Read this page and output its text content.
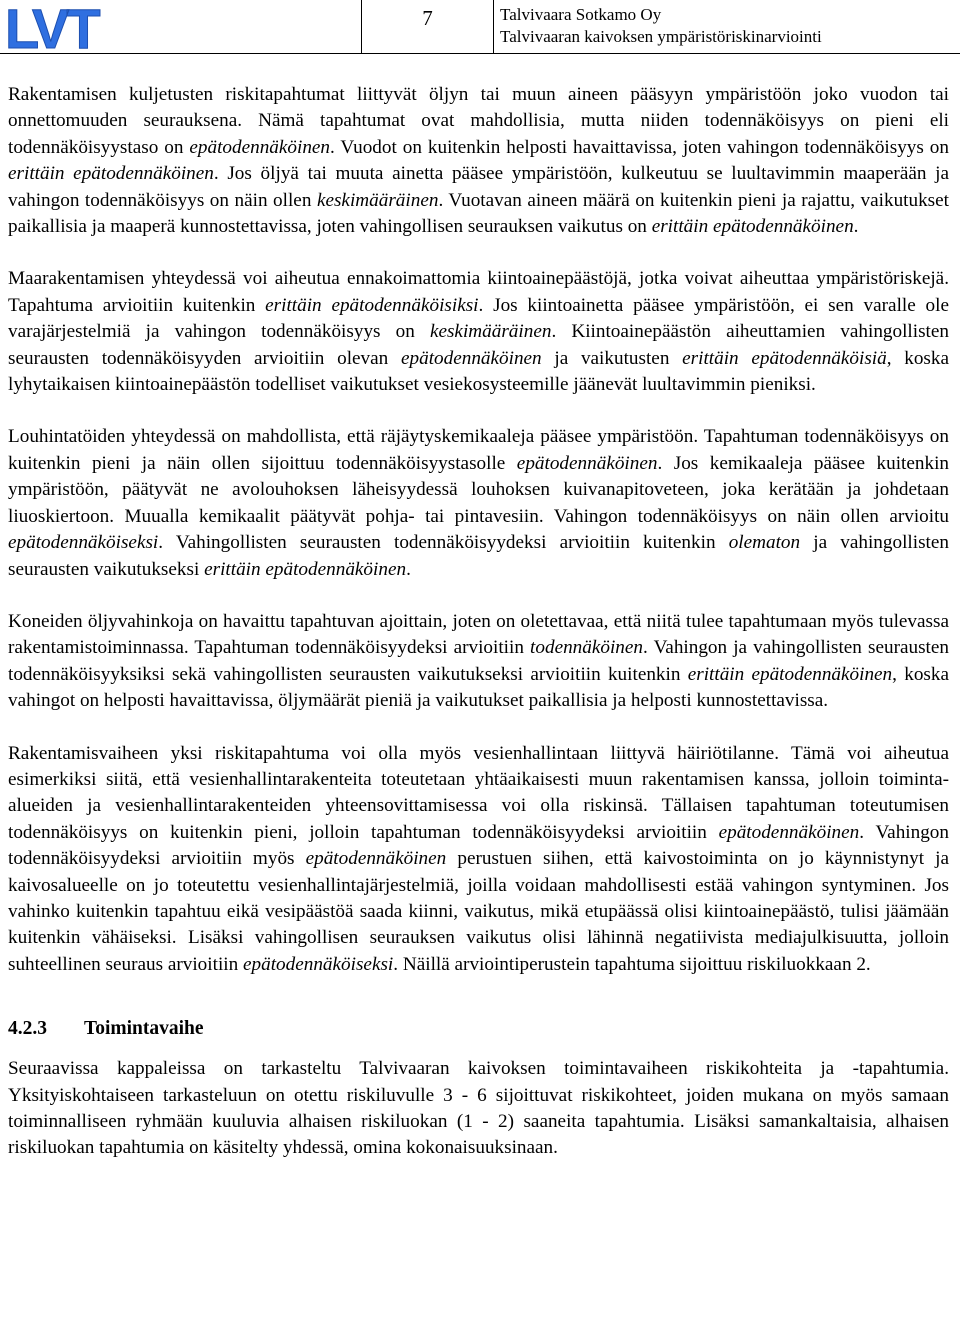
LVT	7	Talvivaara Sotkamo Oy
Talvivaaran kaivoksen ympäristöriskinarviointi

Rakentamisen kuljetusten riskitapahtumat liittyvät öljyn tai muun aineen pääsyyn ympäristöön joko vuodon tai onnettomuuden seurauksena. Nämä tapahtumat ovat mahdollisia, mutta niiden todennäköisyys on pieni eli todennäköisyystaso on epätodennäköinen. Vuodot on kuitenkin helposti havaittavissa, joten vahingon todennäköisyys on erittäin epätodennäköinen. Jos öljyä tai muuta ainetta pääsee ympäristöön, kulkeutuu se luultavimmin maaperään ja vahingon todennäköisyys on näin ollen keskimääräinen. Vuotavan aineen määrä on kuitenkin pieni ja rajattu, vaikutukset paikallisia ja maaperä kunnostettavissa, joten vahingollisen seurauksen vaikutus on erittäin epätodennäköinen.

Maarakentamisen yhteydessä voi aiheutua ennakoimattomia kiintoainepäästöjä, jotka voivat aiheuttaa ympäristöriskejä. Tapahtuma arvioitiin kuitenkin erittäin epätodennäköisiksi. Jos kiintoainetta pääsee ympäristöön, ei sen varalle ole varajärjestelmiä ja vahingon todennäköisyys on keskimääräinen. Kiintoainepäästön aiheuttamien vahingollisten seurausten todennäköisyyden arvioitiin olevan epätodennäköinen ja vaikutusten erittäin epätodennäköisiä, koska lyhytaikaisen kiintoainepäästön todelliset vaikutukset vesiekosysteemille jäänevät luultavimmin pieniksi.

Louhintatöiden yhteydessä on mahdollista, että räjäytyskemikaaleja pääsee ympäristöön. Tapahtuman todennäköisyys on kuitenkin pieni ja näin ollen sijoittuu todennäköisyystasolle epätodennäköinen. Jos kemikaaleja pääsee kuitenkin ympäristöön, päätyvät ne avolouhoksen läheisyydessä louhoksen kuivanapitoveteen, joka kerätään ja johdetaan liuoskiertoon. Muualla kemikaalit päätyvät pohja- tai pintavesiin. Vahingon todennäköisyys on näin ollen arvioitu epätodennäköiseksi. Vahingollisten seurausten todennäköisyydeksi arvioitiin kuitenkin olematon ja vahingollisten seurausten vaikutukseksi erittäin epätodennäköinen.

Koneiden öljyvahinkoja on havaittu tapahtuvan ajoittain, joten on oletettavaa, että niitä tulee tapahtumaan myös tulevassa rakentamistoiminnassa. Tapahtuman todennäköisyydeksi arvioitiin todennäköinen. Vahingon ja vahingollisten seurausten todennäköisyyksiksi sekä vahingollisten seurausten vaikutukseksi arvioitiin kuitenkin erittäin epätodennäköinen, koska vahingot on helposti havaittavissa, öljymäärät pieniä ja vaikutukset paikallisia ja helposti kunnostettavissa.

Rakentamisvaiheen yksi riskitapahtuma voi olla myös vesienhallintaan liittyvä häiriötilanne. Tämä voi aiheutua esimerkiksi siitä, että vesienhallintarakenteita toteutetaan yhtäaikaisesti muun rakentamisen kanssa, jolloin toiminta-alueiden ja vesienhallintarakenteiden yhteensovittamisessa voi olla riskinsä. Tällaisen tapahtuman toteutumisen todennäköisyys on kuitenkin pieni, jolloin tapahtuman todennäköisyydeksi arvioitiin epätodennäköinen. Vahingon todennäköisyydeksi arvioitiin myös epätodennäköinen perustuen siihen, että kaivostoiminta on jo käynnistynyt ja kaivosalueelle on jo toteutettu vesienhallintajärjestelmiä, joilla voidaan mahdollisesti estää vahingon syntyminen. Jos vahinko kuitenkin tapahtuu eikä vesipäästöä saada kiinni, vaikutus, mikä etupäässä olisi kiintoainepäästö, tulisi jäämään kuitenkin vähäiseksi. Lisäksi vahingollisen seurauksen vaikutus olisi lähinnä negatiivista mediajulkisuutta, jolloin suhteellinen seuraus arvioitiin epätodennäköiseksi. Näillä arviointiperustein tapahtuma sijoittuu riskiluokkaan 2.

4.2.3	Toimintavaihe

Seuraavissa kappaleissa on tarkasteltu Talvivaaran kaivoksen toimintavaiheen riskikohteita ja -tapahtumia. Yksityiskohtaiseen tarkasteluun on otettu riskiluvulle 3 - 6 sijoittuvat riskikohteet, joiden mukana on myös samaan toiminnalliseen ryhmään kuuluvia alhaisen riskiluokan (1 - 2) saaneita tapahtumia. Lisäksi samankaltaisia, alhaisen riskiluokan tapahtumia on käsitelty yhdessä, omina kokonaisuuksinaan.
